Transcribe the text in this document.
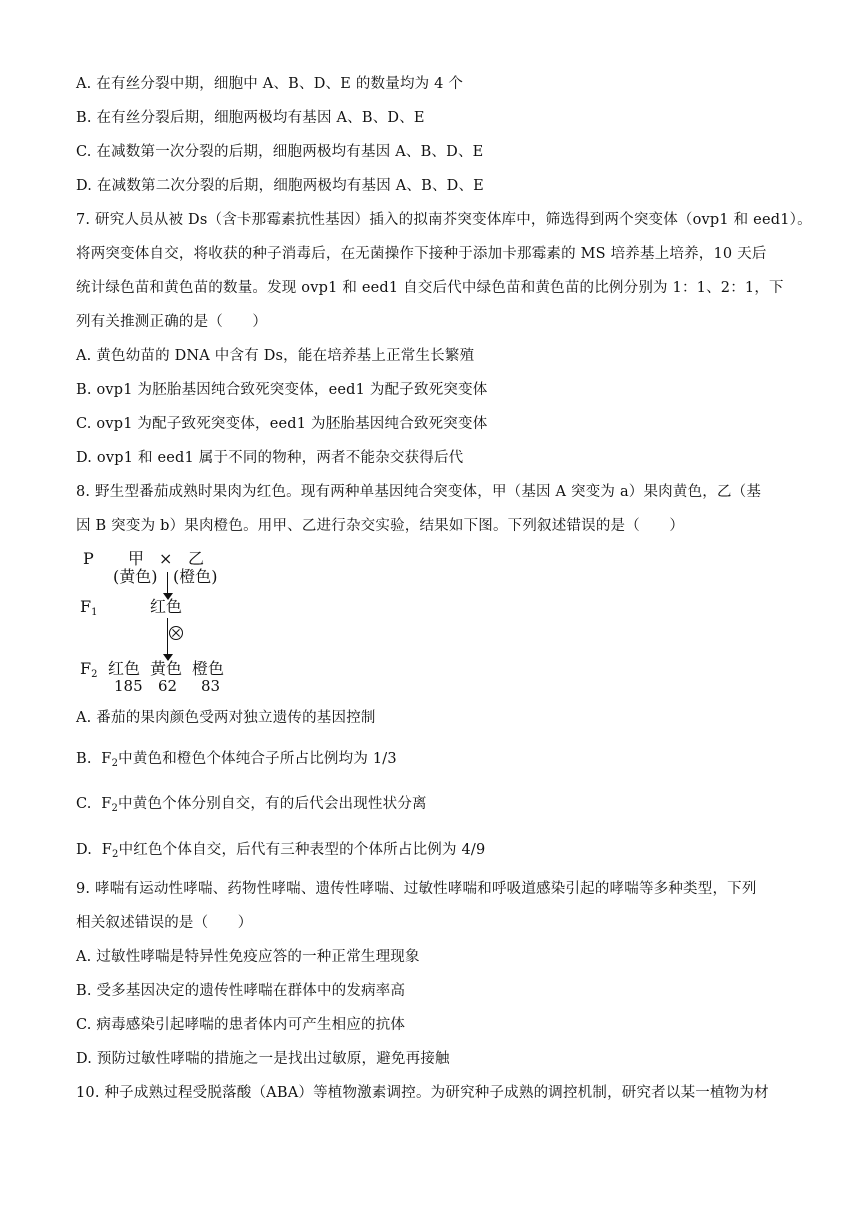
A. 在有丝分裂中期，细胞中 A、B、D、E 的数量均为 4 个
B. 在有丝分裂后期，细胞两极均有基因 A、B、D、E
C. 在减数第一次分裂的后期，细胞两极均有基因 A、B、D、E
D. 在减数第二次分裂的后期，细胞两极均有基因 A、B、D、E
7. 研究人员从被 Ds（含卡那霉素抗性基因）插入的拟南芥突变体库中，筛选得到两个突变体（ovp1 和 eed1）。
将两突变体自交，将收获的种子消毒后，在无菌操作下接种于添加卡那霉素的 MS 培养基上培养，10 天后
统计绿色苗和黄色苗的数量。发现 ovp1 和 eed1 自交后代中绿色苗和黄色苗的比例分别为 1：1、2：1，下
列有关推测正确的是（　　）
A. 黄色幼苗的 DNA 中含有 Ds，能在培养基上正常生长繁殖
B. ovp1 为胚胎基因纯合致死突变体，eed1 为配子致死突变体
C. ovp1 为配子致死突变体，eed1 为胚胎基因纯合致死突变体
D. ovp1 和 eed1 属于不同的物种，两者不能杂交获得后代
8. 野生型番茄成熟时果肉为红色。现有两种单基因纯合突变体，甲（基因 A 突变为 a）果肉黄色，乙（基
因 B 突变为 b）果肉橙色。用甲、乙进行杂交实验，结果如下图。下列叙述错误的是（　　）
P 甲 × 乙
(黄色) (橙色)
$F_1$	红色
$F_2$ 红色 黄色 橙色
185 62 83
A. 番茄的果肉颜色受两对独立遗传的基因控制
B. $F_2$中黄色和橙色个体纯合子所占比例均为 1/3
C. $F_2$中黄色个体分别自交，有的后代会出现性状分离
D. $F_2$中红色个体自交，后代有三种表型的个体所占比例为 4/9
9. 哮喘有运动性哮喘、药物性哮喘、遗传性哮喘、过敏性哮喘和呼吸道感染引起的哮喘等多种类型，下列
相关叙述错误的是（　　）
A. 过敏性哮喘是特异性免疫应答的一种正常生理现象
B. 受多基因决定的遗传性哮喘在群体中的发病率高
C. 病毒感染引起哮喘的患者体内可产生相应的抗体
D. 预防过敏性哮喘的措施之一是找出过敏原，避免再接触
10. 种子成熟过程受脱落酸（ABA）等植物激素调控。为研究种子成熟的调控机制，研究者以某一植物为材
